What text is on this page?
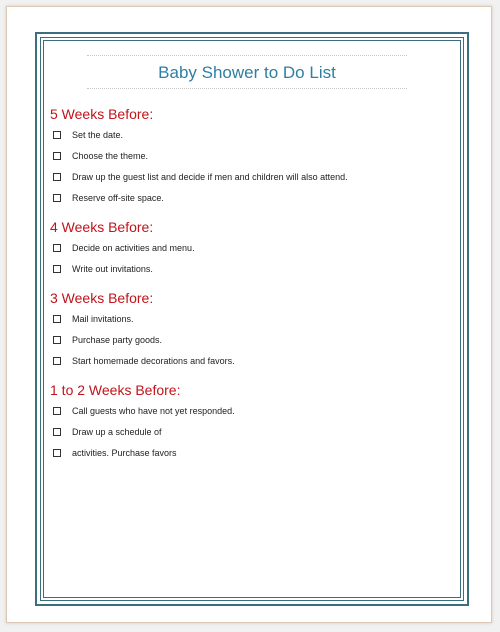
Baby Shower to Do List
5 Weeks Before:
Set the date.
Choose the theme.
Draw up the guest list and decide if men and children will also attend.
Reserve off-site space.
4 Weeks Before:
Decide on activities and menu.
Write out invitations.
3 Weeks Before:
Mail invitations.
Purchase party goods.
Start homemade decorations and favors.
1 to 2 Weeks Before:
Call guests who have not yet responded.
Draw up a schedule of
activities. Purchase favors
